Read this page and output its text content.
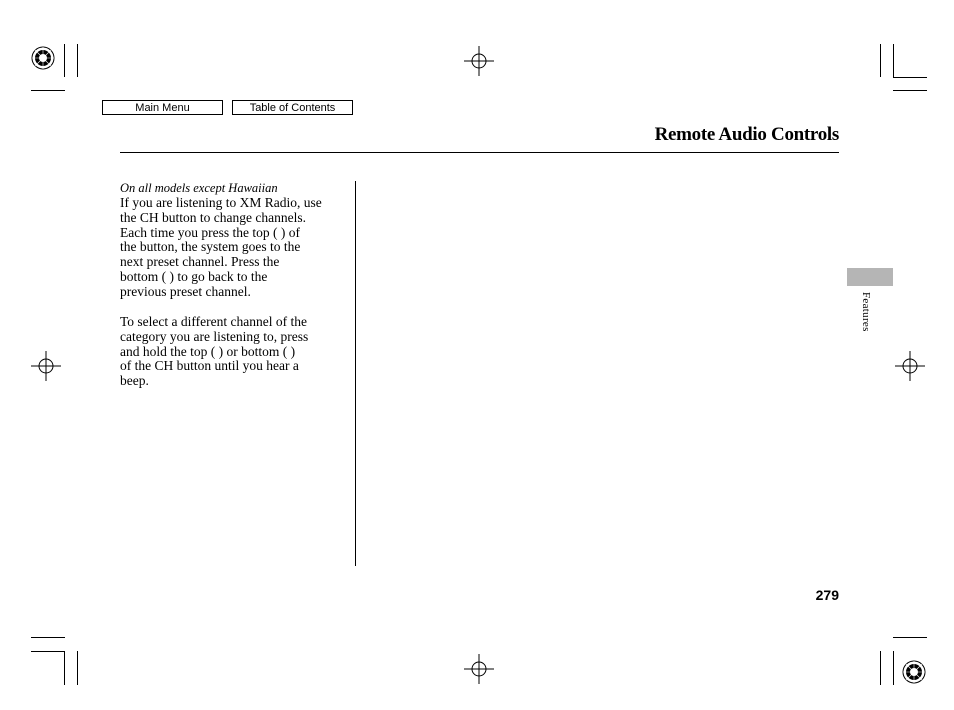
Main Menu	Table of Contents
Remote Audio Controls
On all models except Hawaiian
If you are listening to XM Radio, use
the CH button to change channels.
Each time you press the top ( ) of
the button, the system goes to the
next preset channel. Press the
bottom ( ) to go back to the
previous preset channel.
To select a different channel of the
category you are listening to, press
and hold the top ( ) or bottom ( )
of the CH button until you hear a
beep.
Features
279
